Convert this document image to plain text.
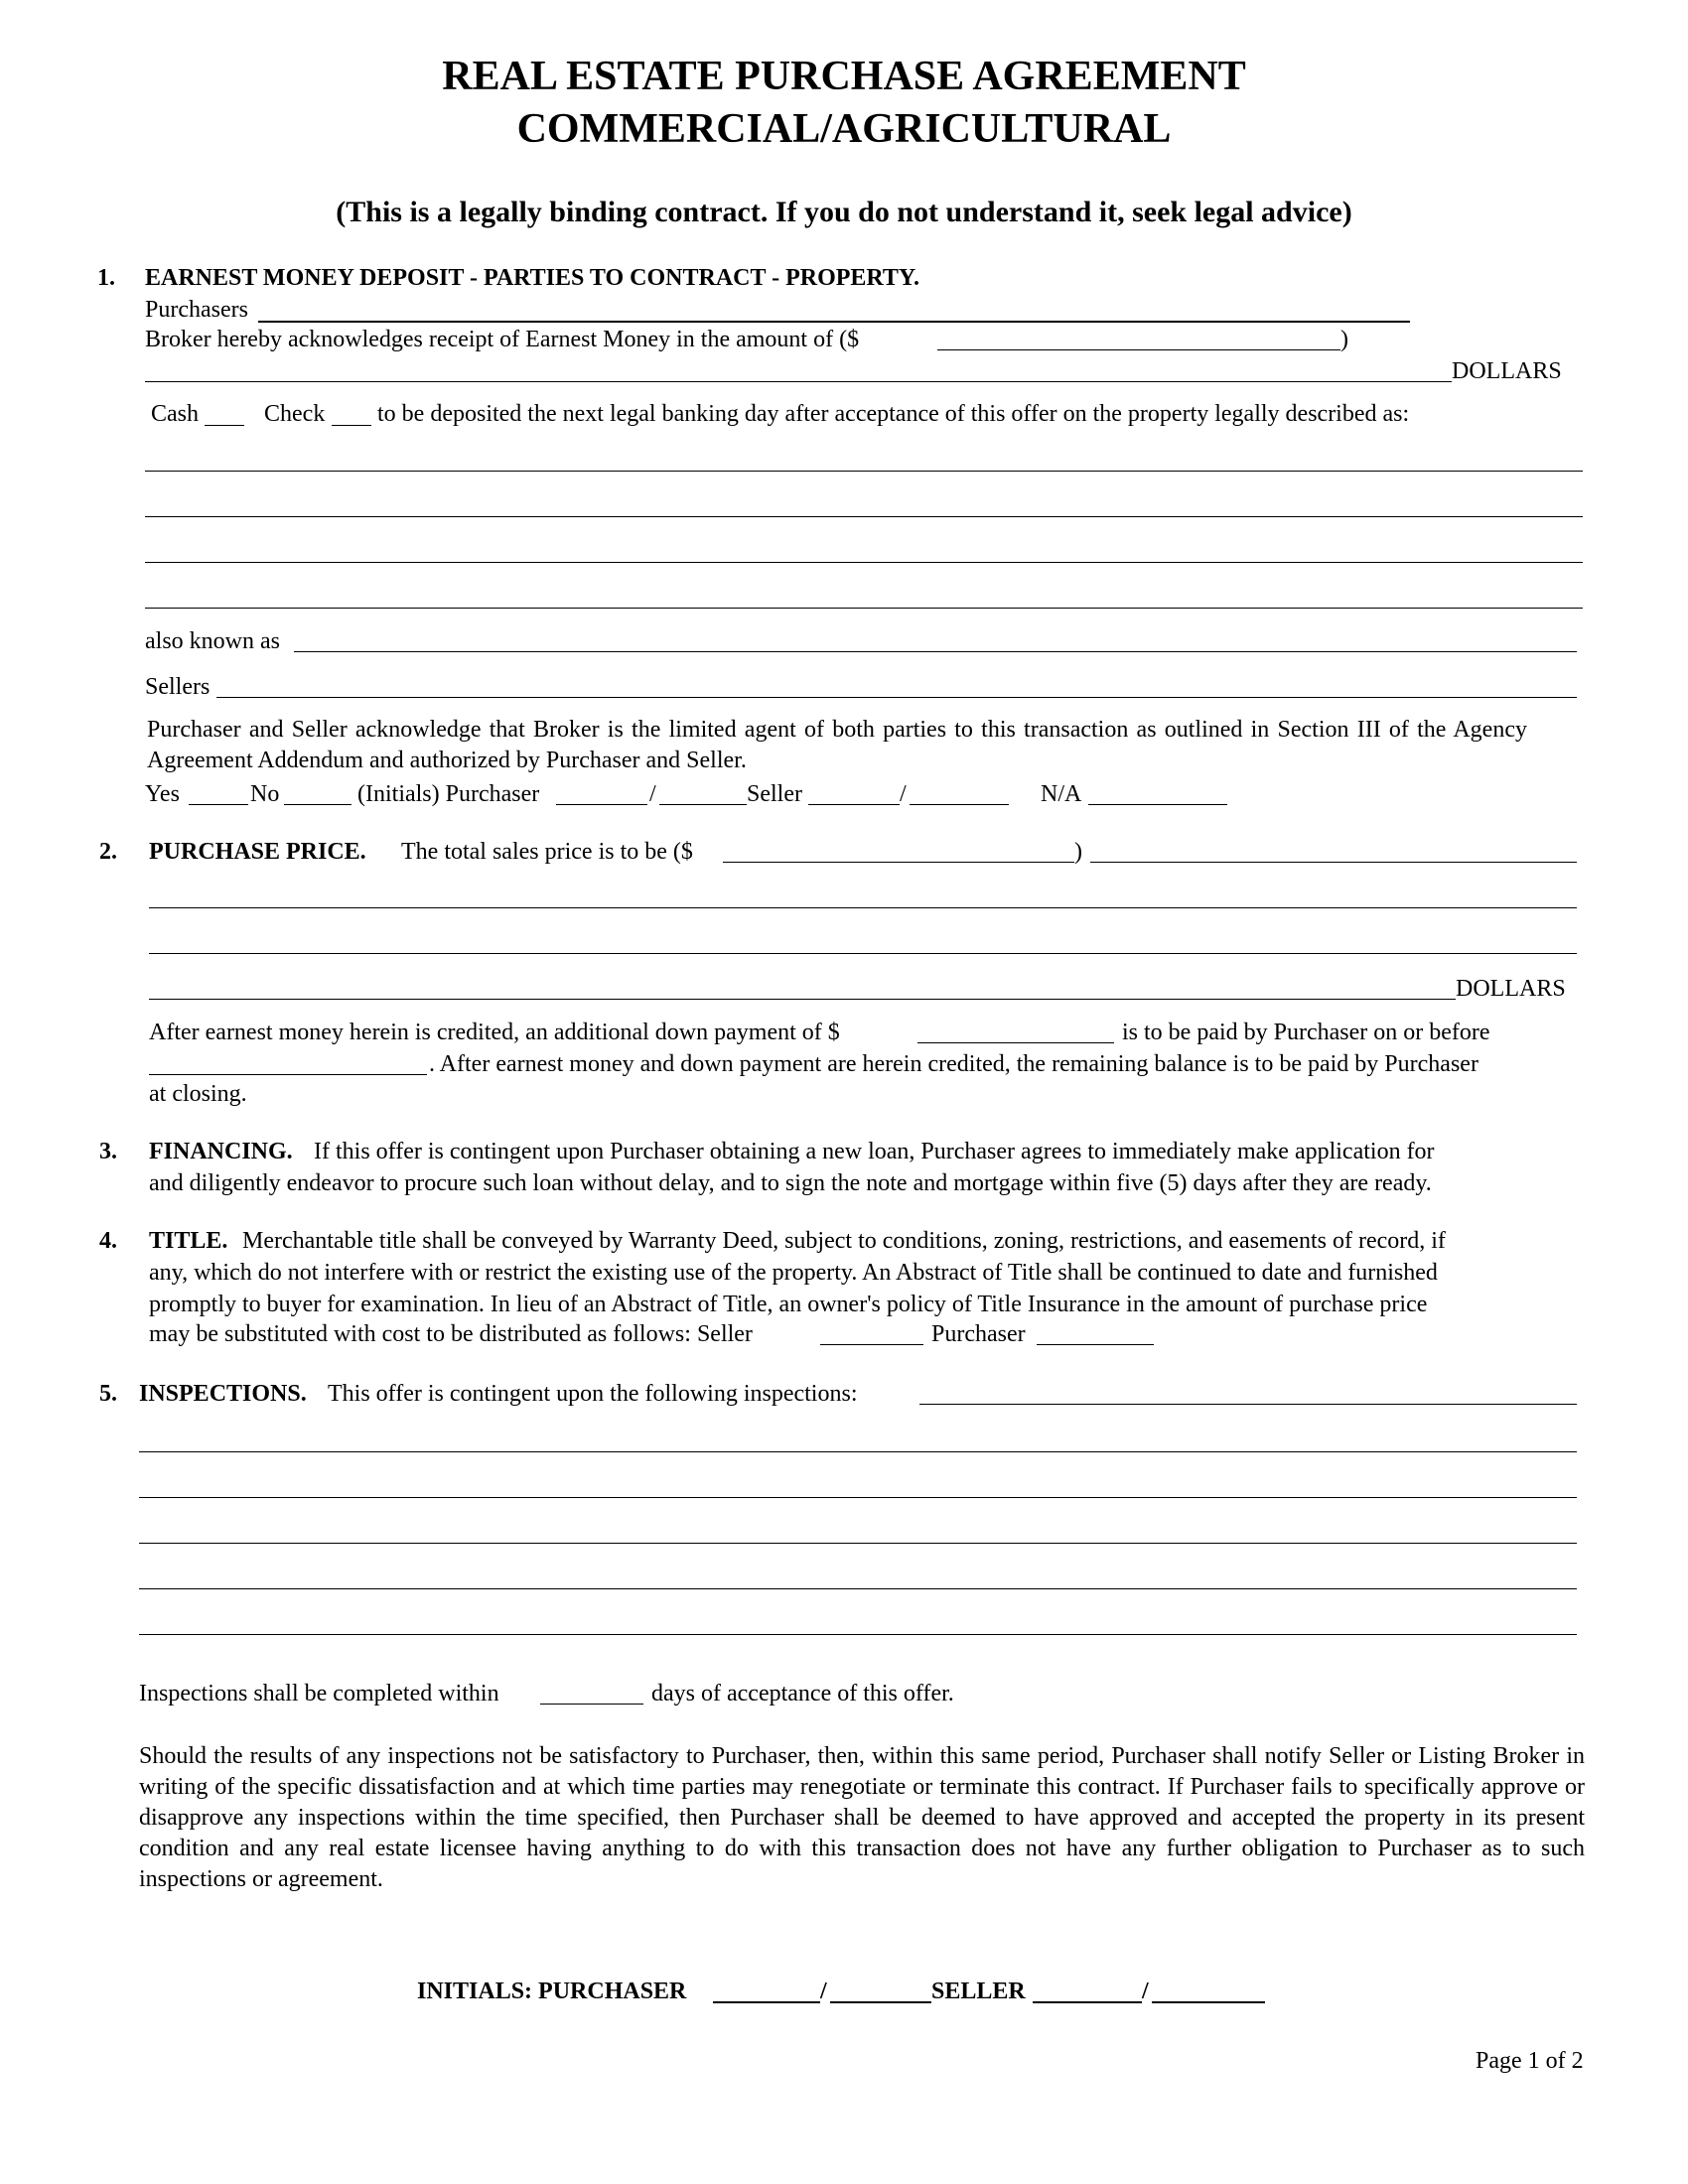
REAL ESTATE PURCHASE AGREEMENT
COMMERCIAL/AGRICULTURAL
(This is a legally binding contract. If you do not understand it, seek legal advice)
1. EARNEST MONEY DEPOSIT - PARTIES TO CONTRACT - PROPERTY.
Purchasers
Broker hereby acknowledges receipt of Earnest Money in the amount of ($	)
DOLLARS
Cash	Check to be deposited the next legal banking day after acceptance of this offer on the property legally described as:
also known as
Sellers
Purchaser and Seller acknowledge that Broker is the limited agent of both parties to this transaction as outlined in Section III of the Agency Agreement Addendum and authorized by Purchaser and Seller.
Yes	No	(Initials) Purchaser	/	Seller	/	N/A
2. PURCHASE PRICE. The total sales price is to be ($	)
DOLLARS
After earnest money herein is credited, an additional down payment of $	is to be paid by Purchaser on or before
. After earnest money and down payment are herein credited, the remaining balance is to be paid by Purchaser
at closing.
3. FINANCING. If this offer is contingent upon Purchaser obtaining a new loan, Purchaser agrees to immediately make application for
and diligently endeavor to procure such loan without delay, and to sign the note and mortgage within five (5) days after they are ready.
4. TITLE. Merchantable title shall be conveyed by Warranty Deed, subject to conditions, zoning, restrictions, and easements of record, if
any, which do not interfere with or restrict the existing use of the property. An Abstract of Title shall be continued to date and furnished
promptly to buyer for examination. In lieu of an Abstract of Title, an owner's policy of Title Insurance in the amount of purchase price
may be substituted with cost to be distributed as follows: Seller	Purchaser
5. INSPECTIONS. This offer is contingent upon the following inspections:
Inspections shall be completed within	days of acceptance of this offer.
Should the results of any inspections not be satisfactory to Purchaser, then, within this same period, Purchaser shall notify Seller or Listing Broker in writing of the specific dissatisfaction and at which time parties may renegotiate or terminate this contract. If Purchaser fails to specifically approve or disapprove any inspections within the time specified, then Purchaser shall be deemed to have approved and accepted the property in its present condition and any real estate licensee having anything to do with this transaction does not have any further obligation to Purchaser as to such inspections or agreement.
INITIALS: PURCHASER	/	SELLER	/
Page 1 of 2
